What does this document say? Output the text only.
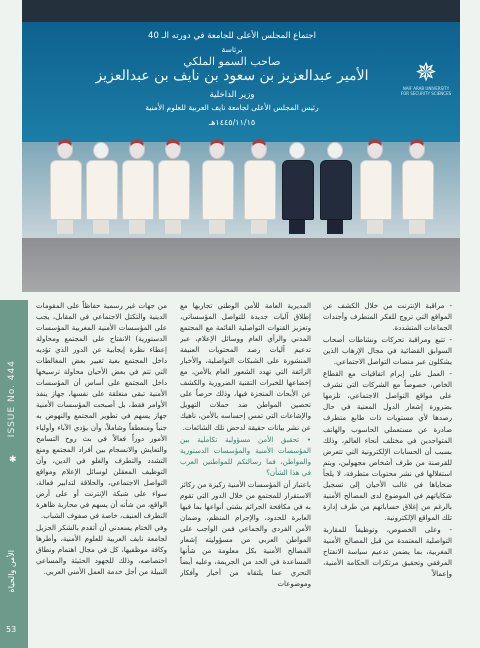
اجتماع المجلس الأعلى للجامعة في دورته الـ 40
برئاسة
صاحب السمو الملكي
الأمير عبدالعزيز بن سعود بن نايف بن عبدالعزيز
وزير الداخلية
رئيس المجلس الأعلى لجامعة نايف العربية للعلوم الأمنية
١٤٤٥/١١/١٥هـ
✵
NAIF ARAB UNIVERSITY FOR SECURITY SCIENCES
ISSUE No. 444
✱
الأمن والحياة
53

- مراقبة الإنترنت من خلال الكشف عن المواقع التي تروج للفكر المتطرف وأجندات الجماعات المتشددة.

- تتبع ومراقبة تحركات ونشاطات أصحاب السوابق القضائية في مجال الإرهاب الذين يشكلون عبر منصات التواصل الاجتماعي.

- العمل على إبرام اتفاقيات مع القطاع الخاص، خصوصاً مع الشركات التي تشرف على مواقع التواصل الاجتماعي، تلزمها بضرورة إشعار الدول المعنية في حال رصدها لأي مستويات ذات طابع متطرف صادرة عن مستعملي الحاسوب والهاتف المتواجدين في مختلف أنحاء العالم، وذلك بسبب أن الحسابات الإلكترونية التي تتعرض للقرصنة من طرف أشخاص مجهولين، ويتم استغلالها في نشر محتويات متطرفة، لا يلجأ ضحاياها في غالب الأحيان إلى تسجيل شكاياتهم في الموضوع لدى المصالح الأمنية بالرغم من إغلاق حساباتهم من طرف إدارة تلك المواقع الإلكترونية.

- وعلى الخصوص، وتوظيفاً للمقاربة التواصلية المعتمدة من قبل المصالح الأمنية المغربية، بما يضمن تدعيم سياسة الانفتاح المرفقي وتحقيق مرتكزات الحكامة الأمنية، وإعمالاً

المديرية العامة للأمن الوطني تجاربها مع إطلاق آليات جديدة للتواصل المؤسساتي، وتعزيز القنوات التواصلية القائمة مع المجتمع المدني والرأي العام ووسائل الإعلام، عبر تدعيم آليات رصد المحتويات العنيفة المنشورة على الشبكات التواصلية، والأخبار الزائفة التي تهدد الشعور العام بالأمن، مع إخضاعها للخبرات التقنية الضرورية والكشف عن الأبحاث المنجزة فيها، وذلك حرصاً على تحصين المواطن ضد حملات التهويل والإشاعات التي تمس إحساسه بالأمن، ناهيك عن نشر بيانات حقيقة لدحض تلك الشائعات.

• تحقيق الأمن مسؤولية تكاملية بين المؤسسات الأمنية والمؤسسات الدستورية والمواطن، فما رسالتكم للمواطنين العرب في هذا الشأن؟

باعتبار أن المؤسسات الأمنية ركيزة من ركائز الاستقرار للمجتمع من خلال الدور التي تقوم به في مكافحة الجرائم بشتى أنواعها بما فيها العابرة للحدود، والإجرام المنظم، وضمان الأمن الفردي والجماعي فمن الواجب على المواطن العربي من مسؤوليته إشعار المصالح الأمنية بكل معلومة من شأنها المساعدة في الحد من الجريمة، وعليه أيضاً التحري عما يلتقاه من أخبار وأفكار وموضوعات

من جهات غير رسمية حفاظاً على المقومات الدينية والتكتل الاجتماعي في المقابل، يجب على المؤسسات الأمنية المغربية المؤسسات الدستورية) الانفتاح على المجتمع ومحاولة إعطاء نظرة إيجابية عن الدور الذي تؤديه داخل المجتمع بغية تغيير بعض المغالطات التي تتم في بعض الأحيان محاولة ترسيخها داخل المجتمع على أساس أن المؤسسات الأمنية تبقى منغلقة على نفسها، جهاز ينفذ الأوامر فقط، بل أصبحت المؤسسات الأمنية جهاز يسهم في تطوير المجتمع والنهوض به جنباً ومنعطفاً وشاملاً، وأن يؤدي الآباء وأولياء الأمور دوراً فعالاً في بث روح التسامح والتعايش والانسجام بين أفراد المجتمع ومنع التشدد والتطرف والغلو في الدين، وأن التوظيف المعقلن لوسائل الإعلام ومواقع التواصل الاجتماعي، والحلاقة لتدابير فعالة، سواء على شبكة الإنترنت أو على أرض الواقع، من شأنه أن يسهم في محاربة ظاهرة التطرف العنيف، خاصة في صفوف الشباب.

وفي الختام يسعدني أن أتقدم بالشكر الجزيل لجامعة نايف العربية للعلوم الأمنية، وأطرها وكافة موظفيها، كل في مجال اهتمام ونطاق اختصاصه، وذلك للجهود الحثيثة والمساعي النبيلة من أجل خدمة العمل الأمني العربي.
